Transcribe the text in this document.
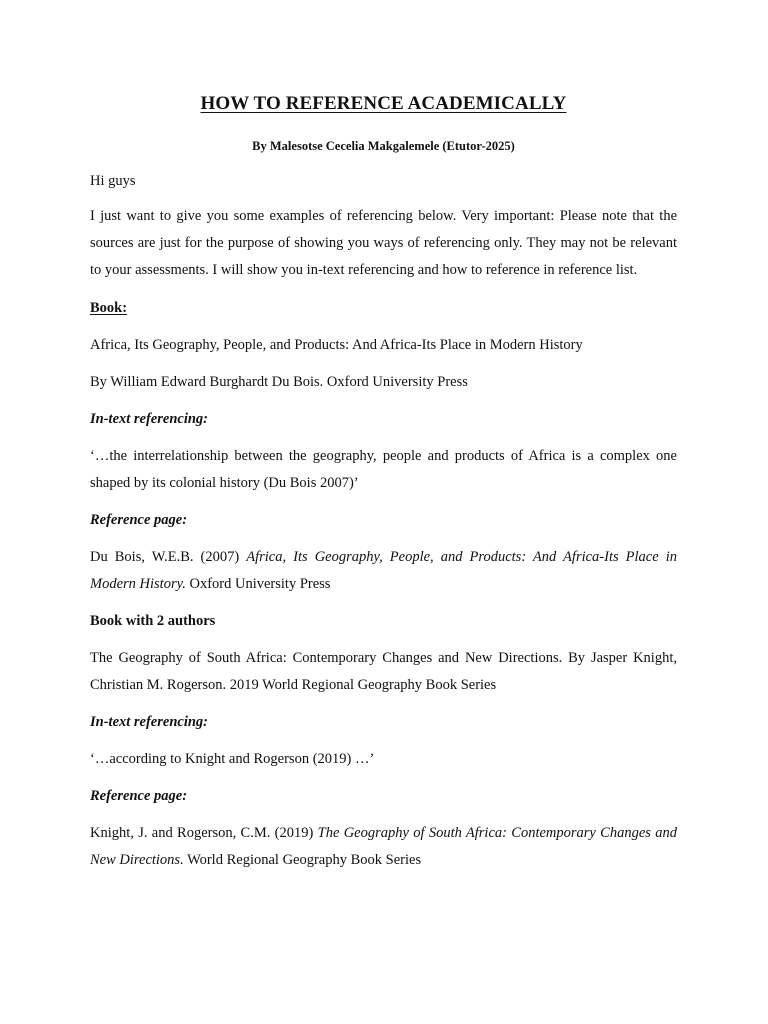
HOW TO REFERENCE ACADEMICALLY
By Malesotse Cecelia Makgalemele (Etutor-2025)

Hi guys

I just want to give you some examples of referencing below. Very important: Please note that the sources are just for the purpose of showing you ways of referencing only. They may not be relevant to your assessments. I will show you in-text referencing and how to reference in reference list.

Book:

Africa, Its Geography, People, and Products: And Africa-Its Place in Modern History

By William Edward Burghardt Du Bois. Oxford University Press

In-text referencing:

‘…the interrelationship between the geography, people and products of Africa is a complex one shaped by its colonial history (Du Bois 2007)’

Reference page:

Du Bois, W.E.B. (2007) Africa, Its Geography, People, and Products: And Africa-Its Place in Modern History. Oxford University Press

Book with 2 authors

The Geography of South Africa: Contemporary Changes and New Directions. By Jasper Knight, Christian M. Rogerson. 2019 World Regional Geography Book Series

In-text referencing:

‘…according to Knight and Rogerson (2019) …’

Reference page:

Knight, J. and Rogerson, C.M. (2019) The Geography of South Africa: Contemporary Changes and New Directions. World Regional Geography Book Series
